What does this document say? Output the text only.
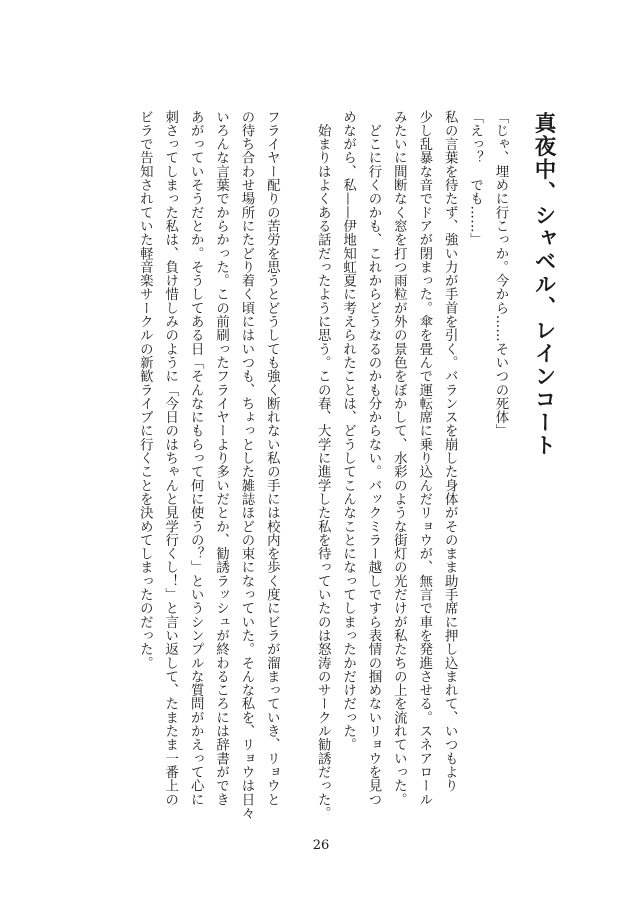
真夜中、シャベル、レインコート

「じゃ、埋めに行こっか。今から……そいつの死体」

「えっ？　でも……」

私の言葉を待たず、強い力が手首を引く。バランスを崩した身体がそのまま助手席に押し込まれて、いつもより

少し乱暴な音でドアが閉まった。傘を畳んで運転席に乗り込んだリョウが、無言で車を発進させる。スネアロール

みたいに間断なく窓を打つ雨粒が外の景色をぼかして、水彩のような街灯の光だけが私たちの上を流れていった。

　どこに行くのかも、これからどうなるのかも分からない。バックミラー越しですら表情の掴めないリョウを見つ

めながら、私——伊地知虹夏に考えられたことは、どうしてこんなことになってしまったかだけだった。

　始まりはよくある話だったように思う。この春、大学に進学した私を待っていたのは怒涛のサークル勧誘だった。

フライヤー配りの苦労を思うとどうしても強く断れない私の手には校内を歩く度にビラが溜まっていき、リョウと

の待ち合わせ場所にたどり着く頃にはいつも、ちょっとした雑誌ほどの束になっていた。そんな私を、リョウは日々

いろんな言葉でからかった。この前刷ったフライヤーより多いだとか、勧誘ラッシュが終わるころには辞書ができ

あがっていそうだとか。そうしてある日「そんなにもらって何に使うの？」というシンプルな質問がかえって心に

刺さってしまった私は、負け惜しみのように「今日のはちゃんと見学行くし！」と言い返して、たまたま一番上の

ビラで告知されていた軽音楽サークルの新歓ライブに行くことを決めてしまったのだった。

26
